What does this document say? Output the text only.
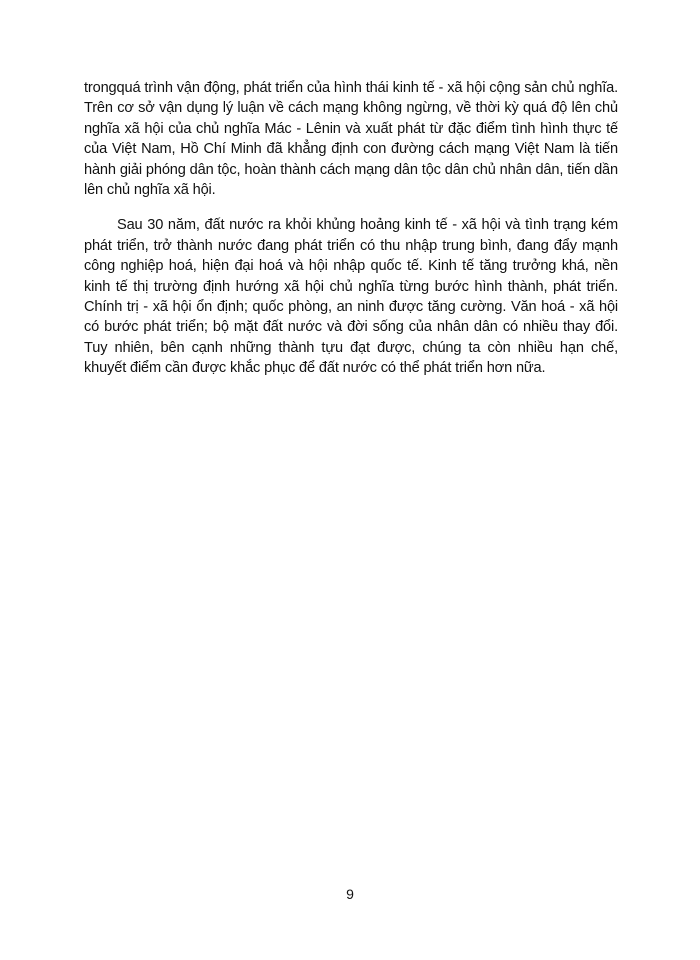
trongquá trình vận động, phát triển của hình thái kinh tế - xã hội cộng sản chủ nghĩa. Trên cơ sở vận dụng lý luận về cách mạng không ngừng, về thời kỳ quá độ lên chủ nghĩa xã hội của chủ nghĩa Mác - Lênin và xuất phát từ đặc điểm tình hình thực tế của Việt Nam, Hồ Chí Minh đã khẳng định con đường cách mạng Việt Nam là tiến hành giải phóng dân tộc, hoàn thành cách mạng dân tộc dân chủ nhân dân, tiến dần lên chủ nghĩa xã hội.

Sau 30 năm, đất nước ra khỏi khủng hoảng kinh tế - xã hội và tình trạng kém phát triển, trở thành nước đang phát triển có thu nhập trung bình, đang đẩy mạnh công nghiệp hoá, hiện đại hoá và hội nhập quốc tế. Kinh tế tăng trưởng khá, nền kinh tế thị trường định hướng xã hội chủ nghĩa từng bước hình thành, phát triển. Chính trị - xã hội ổn định; quốc phòng, an ninh được tăng cường. Văn hoá - xã hội có bước phát triển; bộ mặt đất nước và đời sống của nhân dân có nhiều thay đổi. Tuy nhiên, bên cạnh những thành tựu đạt được, chúng ta còn nhiều hạn chế, khuyết điểm cần được khắc phục để đất nước có thể phát triển hơn nữa.

9
